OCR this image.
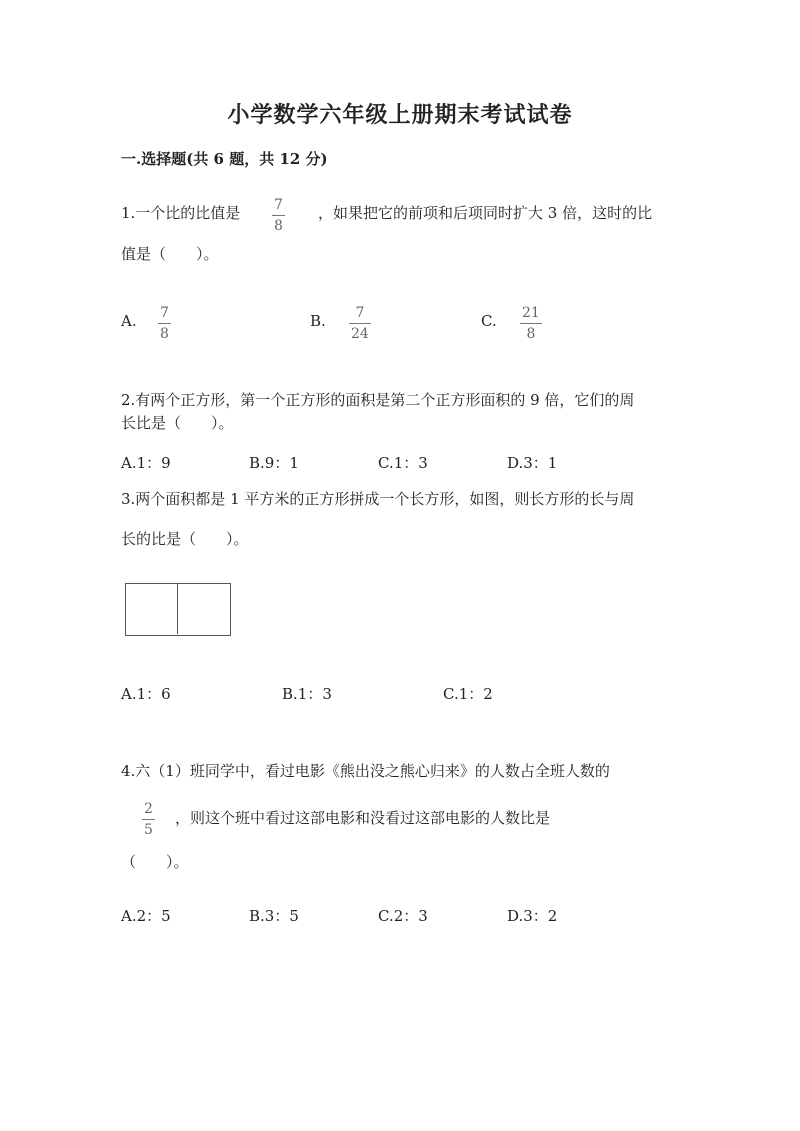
小学数学六年级上册期末考试试卷
一.选择题(共 6 题，共 12 分)
1.一个比的比值是 7
8
，如果把它的前项和后项同时扩大 3 倍，这时的比
值是（　　）。
A. 7
8
B.	7
24
C. 21
8
2.有两个正方形，第一个正方形的面积是第二个正方形面积的 9 倍，它们的周
长比是（　　）。
A.1：9	B.9：1	C.1：3	D.3：1
3.两个面积都是 1 平方米的正方形拼成一个长方形，如图，则长方形的长与周
长的比是（　　）。
A.1：6	B.1：3	C.1：2
4.六（1）班同学中，看过电影《熊出没之熊心归来》的人数占全班人数的
2
5
，则这个班中看过这部电影和没看过这部电影的人数比是
（　　）。
A.2：5	B.3：5	C.2：3	D.3：2
